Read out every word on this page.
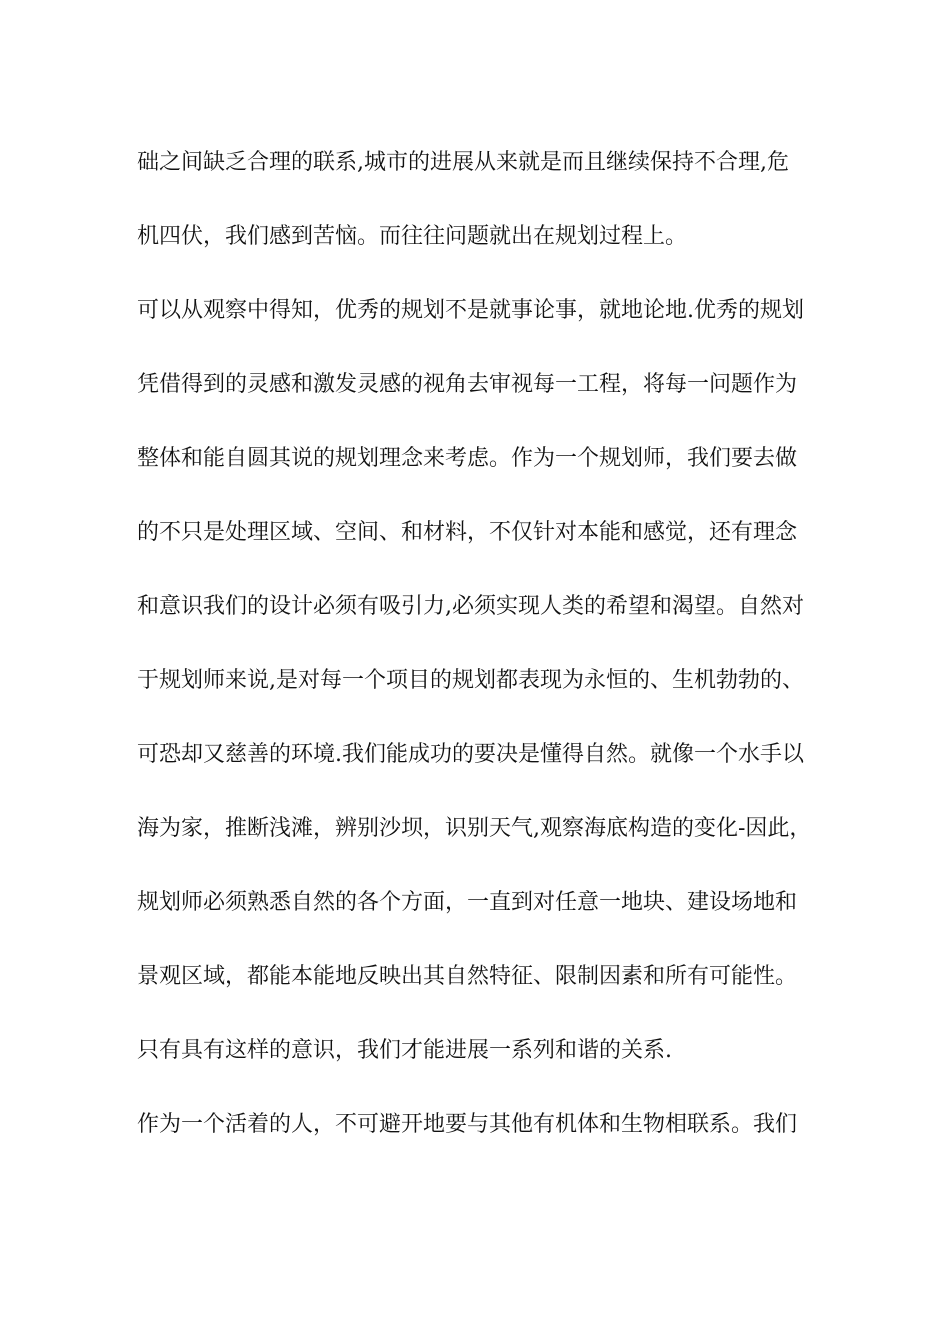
础之间缺乏合理的联系,城市的进展从来就是而且继续保持不合理,危
机四伏，我们感到苦恼。而往往问题就出在规划过程上。
可以从观察中得知，优秀的规划不是就事论事，就地论地.优秀的规划
凭借得到的灵感和激发灵感的视角去审视每一工程，将每一问题作为
整体和能自圆其说的规划理念来考虑。作为一个规划师，我们要去做
的不只是处理区域、空间、和材料，不仅针对本能和感觉，还有理念
和意识我们的设计必须有吸引力,必须实现人类的希望和渴望。自然对
于规划师来说,是对每一个项目的规划都表现为永恒的、生机勃勃的、
可恐却又慈善的环境.我们能成功的要决是懂得自然。就像一个水手以
海为家，推断浅滩，辨别沙坝，识别天气,观察海底构造的变化-因此，
规划师必须熟悉自然的各个方面，一直到对任意一地块、建设场地和
景观区域，都能本能地反映出其自然特征、限制因素和所有可能性。
只有具有这样的意识，我们才能进展一系列和谐的关系.
作为一个活着的人，不可避开地要与其他有机体和生物相联系。我们
